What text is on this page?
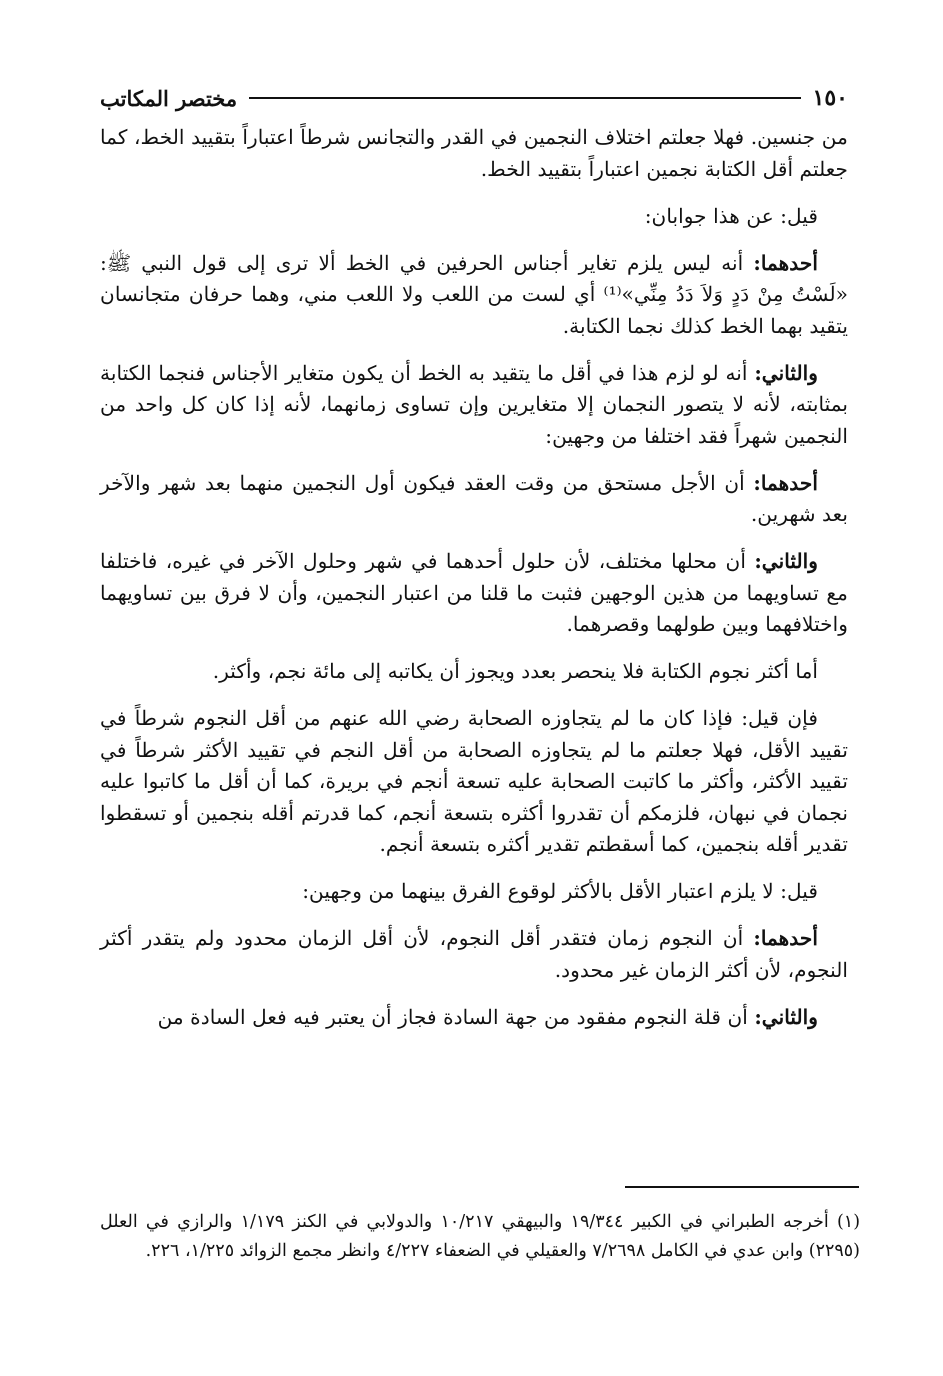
١٥٠
مختصر المكاتب

من جنسين. فهلا جعلتم اختلاف النجمين في القدر والتجانس شرطاً اعتباراً بتقييد الخط، كما جعلتم أقل الكتابة نجمين اعتباراً بتقييد الخط.

قيل: عن هذا جوابان:

أحدهما: أنه ليس يلزم تغاير أجناس الحرفين في الخط ألا ترى إلى قول النبي ﷺ: «لَسْتُ مِنْ دَدٍ وَلاَ دَدُ مِنِّي»⁽¹⁾ أي لست من اللعب ولا اللعب مني، وهما حرفان متجانسان يتقيد بهما الخط كذلك نجما الكتابة.

والثاني: أنه لو لزم هذا في أقل ما يتقيد به الخط أن يكون متغاير الأجناس فنجما الكتابة بمثابته، لأنه لا يتصور النجمان إلا متغايرين وإن تساوى زمانهما، لأنه إذا كان كل واحد من النجمين شهراً فقد اختلفا من وجهين:

أحدهما: أن الأجل مستحق من وقت العقد فيكون أول النجمين منهما بعد شهر والآخر بعد شهرين.

والثاني: أن محلها مختلف، لأن حلول أحدهما في شهر وحلول الآخر في غيره، فاختلفا مع تساويهما من هذين الوجهين فثبت ما قلنا من اعتبار النجمين، وأن لا فرق بين تساويهما واختلافهما وبين طولهما وقصرهما.

أما أكثر نجوم الكتابة فلا ينحصر بعدد ويجوز أن يكاتبه إلى مائة نجم، وأكثر.

فإن قيل: فإذا كان ما لم يتجاوزه الصحابة رضي الله عنهم من أقل النجوم شرطاً في تقييد الأقل، فهلا جعلتم ما لم يتجاوزه الصحابة من أقل النجم في تقييد الأكثر شرطاً في تقييد الأكثر، وأكثر ما كاتبت الصحابة عليه تسعة أنجم في بريرة، كما أن أقل ما كاتبوا عليه نجمان في نبهان، فلزمكم أن تقدروا أكثره بتسعة أنجم، كما قدرتم أقله بنجمين أو تسقطوا تقدير أقله بنجمين، كما أسقطتم تقدير أكثره بتسعة أنجم.

قيل: لا يلزم اعتبار الأقل بالأكثر لوقوع الفرق بينهما من وجهين:

أحدهما: أن النجوم زمان فتقدر أقل النجوم، لأن أقل الزمان محدود ولم يتقدر أكثر النجوم، لأن أكثر الزمان غير محدود.

والثاني: أن قلة النجوم مفقود من جهة السادة فجاز أن يعتبر فيه فعل السادة من

(١) أخرجه الطبراني في الكبير ١٩/٣٤٤ والبيهقي ١٠/٢١٧ والدولابي في الكنز ١/١٧٩ والرازي في العلل (٢٢٩٥) وابن عدي في الكامل ٧/٢٦٩٨ والعقيلي في الضعفاء ٤/٢٢٧ وانظر مجمع الزوائد ١/٢٢٥، ٢٢٦.
